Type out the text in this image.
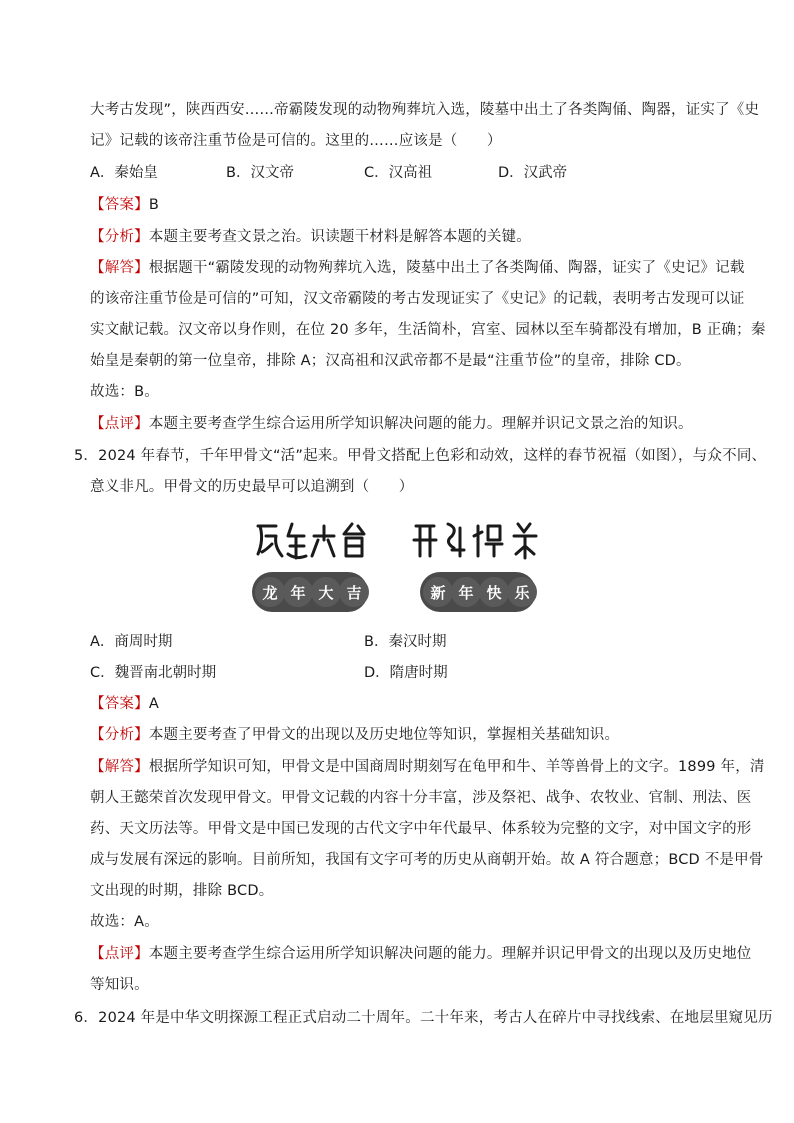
大考古发现”，陕西西安……帝霸陵发现的动物殉葬坑入选，陵墓中出土了各类陶俑、陶器，证实了《史
记》记载的该帝注重节俭是可信的。这里的……应该是（　　）
A．秦始皇	B．汉文帝	C．汉高祖	D．汉武帝
【答案】B
【分析】本题主要考查文景之治。识读题干材料是解答本题的关键。
【解答】根据题干“霸陵发现的动物殉葬坑入选，陵墓中出土了各类陶俑、陶器，证实了《史记》记载
的该帝注重节俭是可信的”可知，汉文帝霸陵的考古发现证实了《史记》的记载，表明考古发现可以证
实文献记载。汉文帝以身作则，在位 20 多年，生活简朴，宫室、园林以至车骑都没有增加，B 正确；秦
始皇是秦朝的第一位皇帝，排除 A；汉高祖和汉武帝都不是最“注重节俭”的皇帝，排除 CD。
故选：B。
【点评】本题主要考查学生综合运用所学知识解决问题的能力。理解并识记文景之治的知识。
5．2024 年春节，千年甲骨文“活”起来。甲骨文搭配上色彩和动效，这样的春节祝福（如图），与众不同、
意义非凡。甲骨文的历史最早可以追溯到（　　）
龙 年 大 吉	新 年 快 乐
A．商周时期	B．秦汉时期
C．魏晋南北朝时期	D．隋唐时期
【答案】A
【分析】本题主要考查了甲骨文的出现以及历史地位等知识，掌握相关基础知识。
【解答】根据所学知识可知，甲骨文是中国商周时期刻写在龟甲和牛、羊等兽骨上的文字。1899 年，清
朝人王懿荣首次发现甲骨文。甲骨文记载的内容十分丰富，涉及祭祀、战争、农牧业、官制、刑法、医
药、天文历法等。甲骨文是中国已发现的古代文字中年代最早、体系较为完整的文字，对中国文字的形
成与发展有深远的影响。目前所知，我国有文字可考的历史从商朝开始。故 A 符合题意；BCD 不是甲骨
文出现的时期，排除 BCD。
故选：A。
【点评】本题主要考查学生综合运用所学知识解决问题的能力。理解并识记甲骨文的出现以及历史地位
等知识。
6．2024 年是中华文明探源工程正式启动二十周年。二十年来，考古人在碎片中寻找线索、在地层里窥见历
